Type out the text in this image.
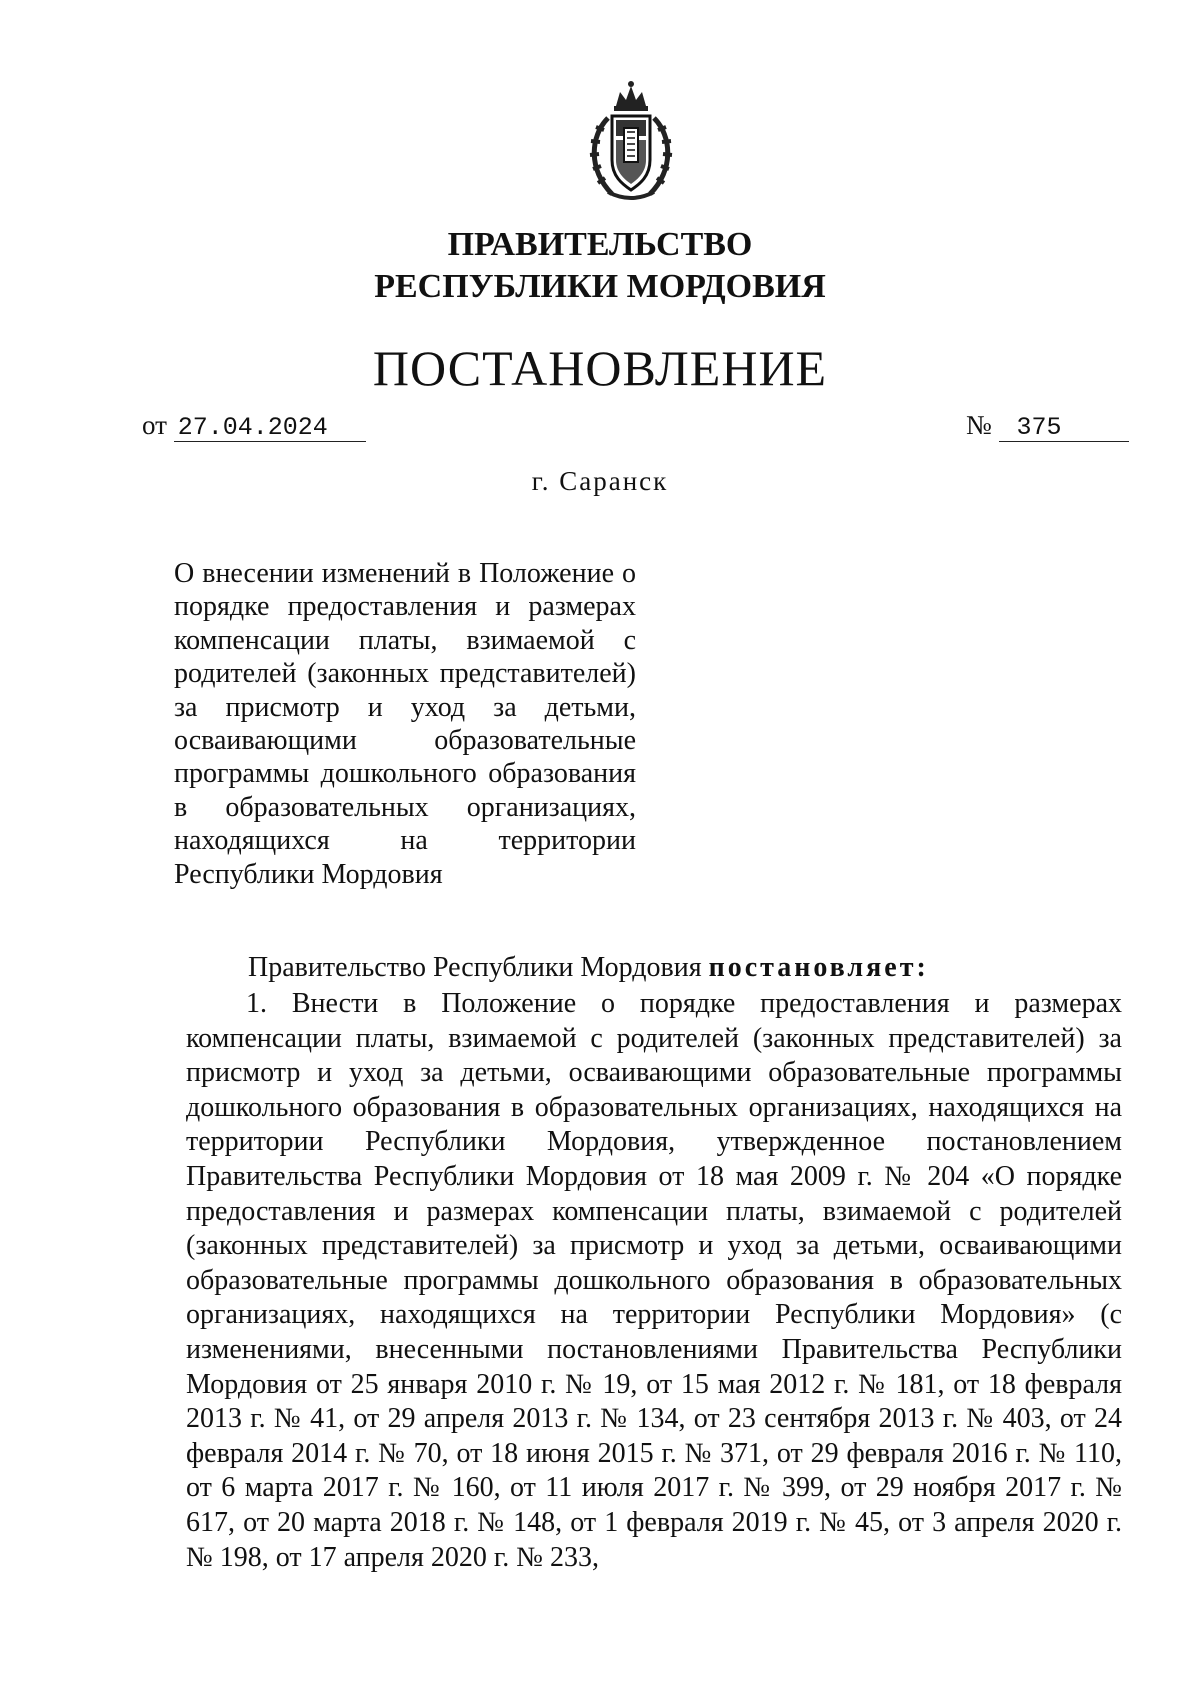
ПРАВИТЕЛЬСТВО
РЕСПУБЛИКИ МОРДОВИЯ
ПОСТАНОВЛЕНИЕ
от 27.04.2024	№ 375
г. Саранск
О внесении изменений в Положение о порядке предоставления и размерах компенсации платы, взимаемой с родителей (законных представителей) за присмотр и уход за детьми, осваивающими образовательные программы дошкольного образования в образовательных организациях, находящихся на территории Республики Мордовия
Правительство Республики Мордовия постановляет:
1. Внести в Положение о порядке предоставления и размерах компенсации платы, взимаемой с родителей (законных представителей) за присмотр и уход за детьми, осваивающими образовательные программы дошкольного образования в образовательных организациях, находящихся на территории Республики Мордовия, утвержденное постановлением Правительства Республики Мордовия от 18 мая 2009 г. № 204 «О порядке предоставления и размерах компенсации платы, взимаемой с родителей (законных представителей) за присмотр и уход за детьми, осваивающими образовательные программы дошкольного образования в образовательных организациях, находящихся на территории Республики Мордовия» (с изменениями, внесенными постановлениями Правительства Республики Мордовия от 25 января 2010 г. № 19, от 15 мая 2012 г. № 181, от 18 февраля 2013 г. № 41, от 29 апреля 2013 г. № 134, от 23 сентября 2013 г. № 403, от 24 февраля 2014 г. № 70, от 18 июня 2015 г. № 371, от 29 февраля 2016 г. № 110, от 6 марта 2017 г. № 160, от 11 июля 2017 г. № 399, от 29 ноября 2017 г. № 617, от 20 марта 2018 г. № 148, от 1 февраля 2019 г. № 45, от 3 апреля 2020 г. № 198, от 17 апреля 2020 г. № 233,
